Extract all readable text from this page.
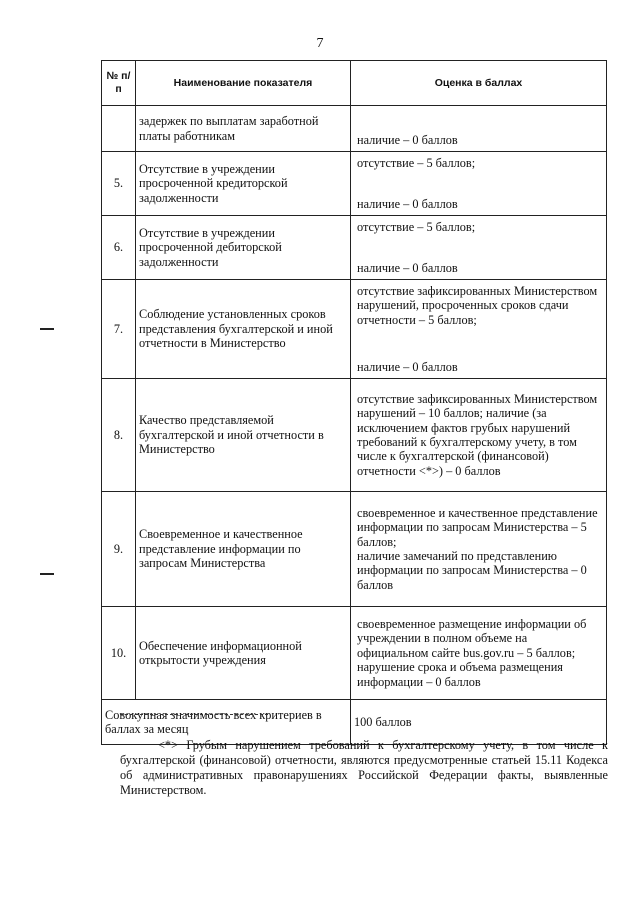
7
№ п/п	Наименование показателя	Оценка в баллах
	задержек по выплатам заработной платы работникам	наличие – 0 баллов

5.	Отсутствие в учреждении просроченной кредиторской задолженности	отсутствие – 5 баллов;
наличие – 0 баллов

6.	Отсутствие в учреждении просроченной дебиторской задолженности	отсутствие – 5 баллов;
наличие – 0 баллов

7.	Соблюдение установленных сроков представления бухгалтерской и иной отчетности в Министерство	отсутствие зафиксированных Министерством нарушений, просроченных сроков сдачи отчетности – 5 баллов;
наличие – 0 баллов

8.	Качество представляемой бухгалтерской и иной отчетности в Министерство	отсутствие зафиксированных Министерством нарушений – 10 баллов; наличие (за исключением фактов грубых нарушений требований к бухгалтерскому учету, в том числе к бухгалтерской (финансовой) отчетности <*>) – 0 баллов

9.	Своевременное и качественное представление информации по запросам Министерства	своевременное и качественное представление информации по запросам Министерства – 5 баллов;
наличие замечаний по представлению информации по запросам Министерства – 0 баллов

10.	Обеспечение информационной открытости учреждения	своевременное размещение информации об учреждении в полном объеме на официальном сайте bus.gov.ru – 5 баллов;
нарушение срока и объема размещения информации – 0 баллов

Совокупная значимость всех критериев в баллах за месяц		100 баллов

<*> Грубым нарушением требований к бухгалтерскому учету, в том числе к бухгалтерской (финансовой) отчетности, являются предусмотренные статьей 15.11 Кодекса об административных правонарушениях Российской Федерации факты, выявленные Министерством.
